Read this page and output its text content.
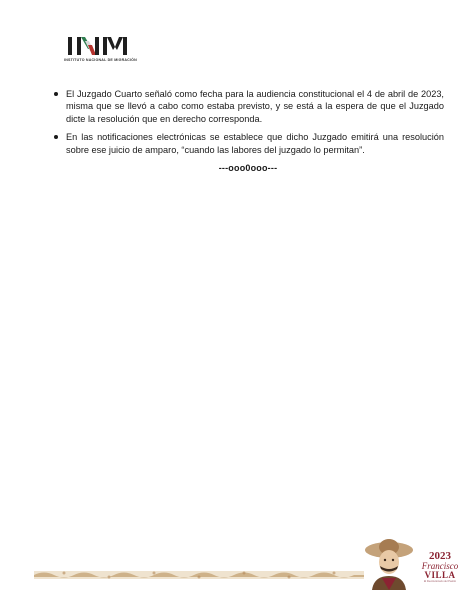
INSTITUTO NACIONAL DE MIGRACIÓN
El Juzgado Cuarto señaló como fecha para la audiencia constitucional el 4 de abril de 2023, misma que se llevó a cabo como estaba previsto, y se está a la espera de que el Juzgado dicte la resolución que en derecho corresponda.
En las notificaciones electrónicas se establece que dicho Juzgado emitirá una resolución sobre ese juicio de amparo, “cuando las labores del juzgado lo permitan”.
---ooo0ooo---
2023
Francisco
VILLA
El Revolucionario del Pueblo
